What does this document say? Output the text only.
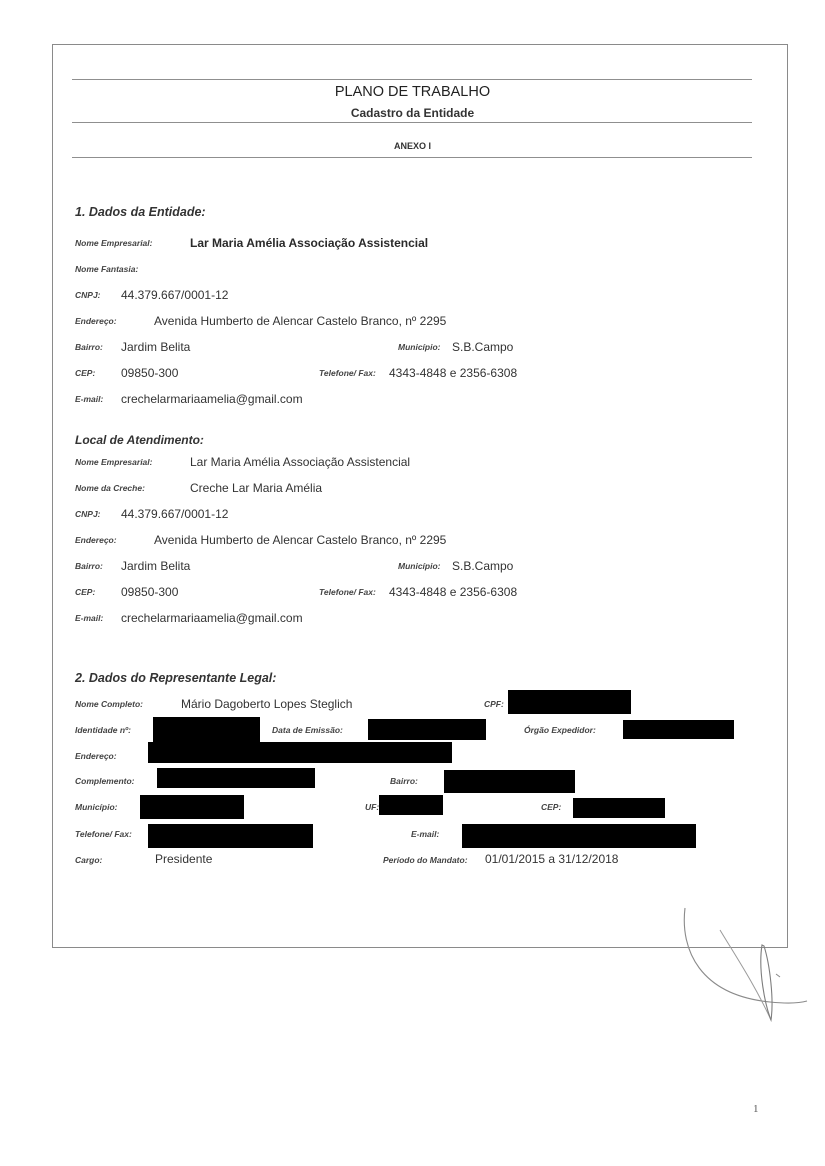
PLANO DE TRABALHO
Cadastro da Entidade
ANEXO I
1. Dados da Entidade:
Nome Empresarial:	Lar Maria Amélia Associação Assistencial
Nome Fantasia:
CNPJ: 44.379.667/0001-12
Endereço:	Avenida Humberto de Alencar Castelo Branco, nº 2295
Bairro: Jardim Belita	Município: S.B.Campo
CEP: 09850-300	Telefone/ Fax: 4343-4848 e 2356-6308
E-mail: crechelarmariaamelia@gmail.com
Local de Atendimento:
Nome Empresarial:	Lar Maria Amélia Associação Assistencial
Nome da Creche:	Creche Lar Maria Amélia
CNPJ: 44.379.667/0001-12
Endereço:	Avenida Humberto de Alencar Castelo Branco, nº 2295
Bairro: Jardim Belita	Município: S.B.Campo
CEP: 09850-300	Telefone/ Fax: 4343-4848 e 2356-6308
E-mail: crechelarmariaamelia@gmail.com
2. Dados do Representante Legal:
Nome Completo:	Mário Dagoberto Lopes Steglich	CPF:
Identidade nº:	Data de Emissão:	Órgão Expedidor:
Endereço:
Complemento:	Bairro:
Município:	UF:	CEP:
Telefone/ Fax:	E-mail:
Cargo:	Presidente	Período do Mandato: 01/01/2015 a 31/12/2018
1
